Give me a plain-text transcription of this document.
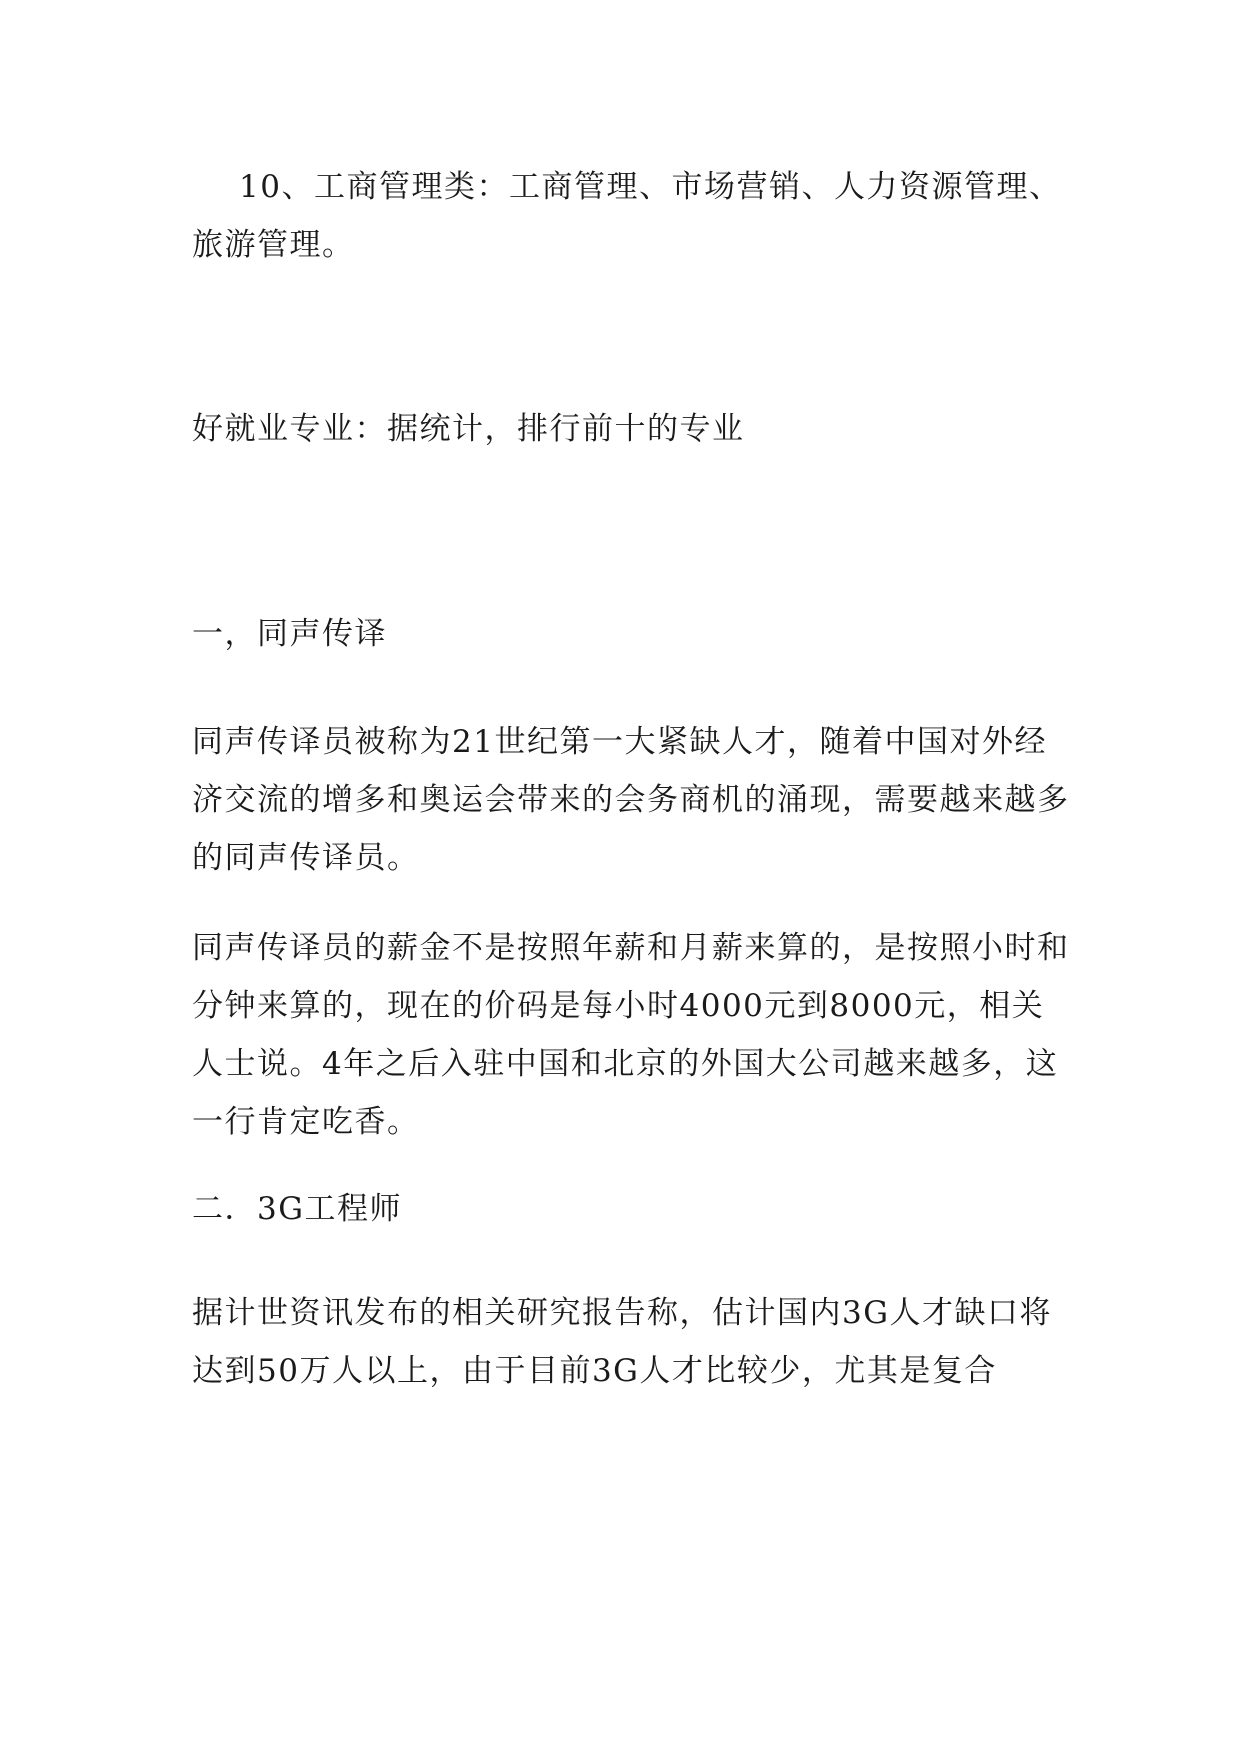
10、工商管理类：工商管理、市场营销、人力资源管理、旅游管理。

好就业专业：据统计，排行前十的专业

一，同声传译

同声传译员被称为21世纪第一大紧缺人才，随着中国对外经济交流的增多和奥运会带来的会务商机的涌现，需要越来越多的同声传译员。

同声传译员的薪金不是按照年薪和月薪来算的，是按照小时和分钟来算的，现在的价码是每小时4000元到8000元，相关人士说。4年之后入驻中国和北京的外国大公司越来越多，这一行肯定吃香。

二．3G工程师

据计世资讯发布的相关研究报告称，估计国内3G人才缺口将达到50万人以上，由于目前3G人才比较少，尤其是复合
